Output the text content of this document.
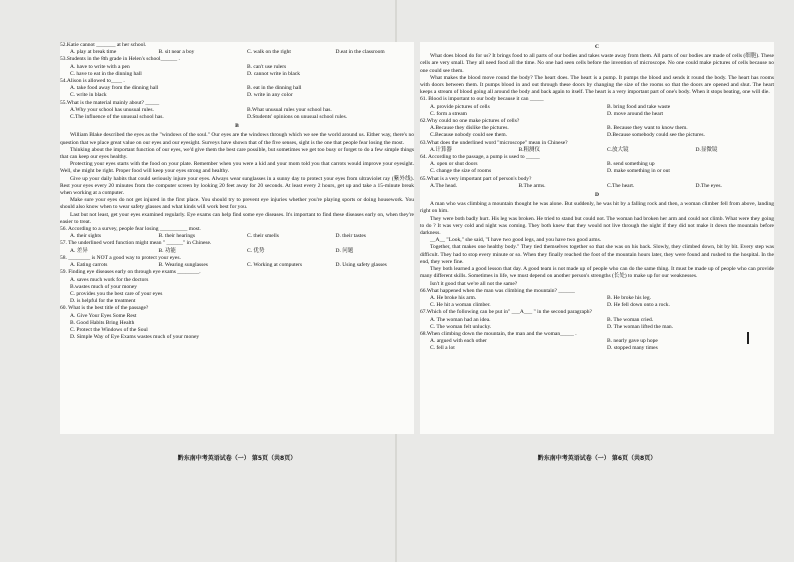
52.Katie cannot _______ at her school.
A. play at break time	B. sit near a boy	C. walk on the right	D.eat in the classroom
53.Students in the 8th grade in Helen's school______ .
A. have to write with a pen	B. can't use rulers
C. have to eat in the dinning hall	D. cannot write in black
54.Alison is allowed to____ .
A. take food away from the dinning hall	B. eat in the dinning hall
C. write in black	D. write in any color
55.What is the material mainly about? _____
A.Why your school has unusual rules.	B.What unusual rules your school has.
C.The influence of the unusual school has.	D.Students' opinions on unusual school rules.
B

William Blake described the eyes as the "windows of the soul." Our eyes are the windows through which we see the world around us. Either way, there's no question that we place great value on our eyes and our eyesight. Surveys have shown that of the five senses, sight is the one that people fear losing the most.

Thinking about the important function of our eyes, we'd give them the best care possible, but sometimes we get too busy or forget to do a few simple things that can keep our eyes healthy.

Protecting your eyes starts with the food on your plate. Remember when you were a kid and your mom told you that carrots would improve your eyesight. Well, she might be right. Proper food will keep your eyes strong and healthy.

Give up your daily habits that could seriously injure your eyes. Always wear sunglasses in a sunny day to protect your eyes from ultraviolet ray (紫外线). Rest your eyes every 20 minutes from the computer screen by looking 20 feet away for 20 seconds. At least every 2 hours, get up and take a 15-minute break when working at a computer.

Make sure your eyes do not get injured in the first place. You should try to prevent eye injuries whether you're playing sports or doing housework. You should also know when to wear safety glasses and what kinds will work best for you.

Last but not least, get your eyes examined regularly. Eye exams can help find some eye diseases. It's important to find these diseases early on, when they're easier to treat.

56. According to a survey, people fear losing __________ most.
A. their sights	B. their hearings	C. their smells	D. their tastes
57. The underlined word function might mean " ______" in Chinese.
A. 差异	B. 功能	C. 优势	D. 问题
58. ________ is NOT a good way to protect your eyes.
A. Eating carrots	B. Wearing sunglasses	C. Working at computers	D. Using safety glasses
59. Finding eye diseases early on through eye exams ________.
A. saves much work for the doctors
B.wastes much of your money
C. provides you the best care of your eyes
D. is helpful for the treatment
60. What is the best title of the passage?
A. Give Your Eyes Some Rest
B. Good Habits Bring Health
C. Protect the Windows of the Soul
D. Simple Way of Eye Exams wastes much of your money
黔东南中考英语试卷（一） 第5页（共8页）
C

What does blood do for us? It brings food to all parts of our bodies and takes waste away from them. All parts of our bodies are made of cells (细胞). These cells are very small. They all need food all the time. No one had seen cells before the invention of microscope. No one could make pictures of cells because no one could see them.

What makes the blood move round the body? The heart does. The heart is a pump. It pumps the blood and sends it round the body. The heart has rooms with doors between them. It pumps blood in and out through these doors by changing the size of the rooms so that the doors are opened and shut. The heart keeps a stream of blood going all around the body and back again to itself. The heart is a very important part of one's body. When it stops beating, one will die.

61. Blood is important to our body because it can _____
A. provide pictures of cells	B. bring food and take waste
C. form a stream	D. move around the heart
62.Why could no one make pictures of cells?
A.Because they dislike the pictures.	B. Because they want to know them.
C.Because nobody could see them.	D.Because somebody could see the pictures.
63.What does the underlined word "microscope" mean in Chinese?
A.计算器	B.粗测仪	C.放大镜	D.显微镜
64. According to the passage, a pump is used to _____
A. open or shut doors	B. send something up
C. change the size of rooms	D. make something in or out
65.What is a very important part of person's body?
A.The head.	B.The arms.	C.The heart.	D.The eyes.
D

A man who was climbing a mountain thought he was alone. But suddenly, he was hit by a falling rock and then, a woman climber fell from above, landing right on him.

They were both badly hurt. His leg was broken. He tried to stand but could not. The woman had broken her arm and could not climb. What were they going to do ? It was very cold and night was coming. They both knew that they would not live through the night if they did not make it down the mountain before darkness.

__A__ "Look," she said, "I have two good legs, and you have two good arms.

Together, that makes one healthy body." They tied themselves together so that she was on his back. Slowly, they climbed down, bit by bit. Every step was difficult. They had to stop every minute or so. When they finally reached the foot of the mountain hours later, they were found and rushed to the hospital. In the end, they were fine.

They both learned a good lesson that day. A good team is not made up of people who can do the same thing. It must be made up of people who can provide many different skills. Sometimes in life, we must depend on another person's strengths (长处) to make up for our weaknesses.

Isn't it good that we're all not the same?

66.What happened when the man was climbing the mountain? ______
A. He broke his arm.	B. He broke his leg.
C. He hit a woman climber.	D. He fell down onto a rock.
67.Which of the following can be put in" ___A___ " in the second paragraph?
A. The woman had an idea.	B. The woman cried.
C. The woman felt unlucky.	D. The woman lifted the man.
68.When climbing down the mountain, the man and the woman_____ .
A. argued with each other	B. nearly gave up hope
C. fell a lot	D. stopped many times
黔东南中考英语试卷（一） 第6页（共8页）
